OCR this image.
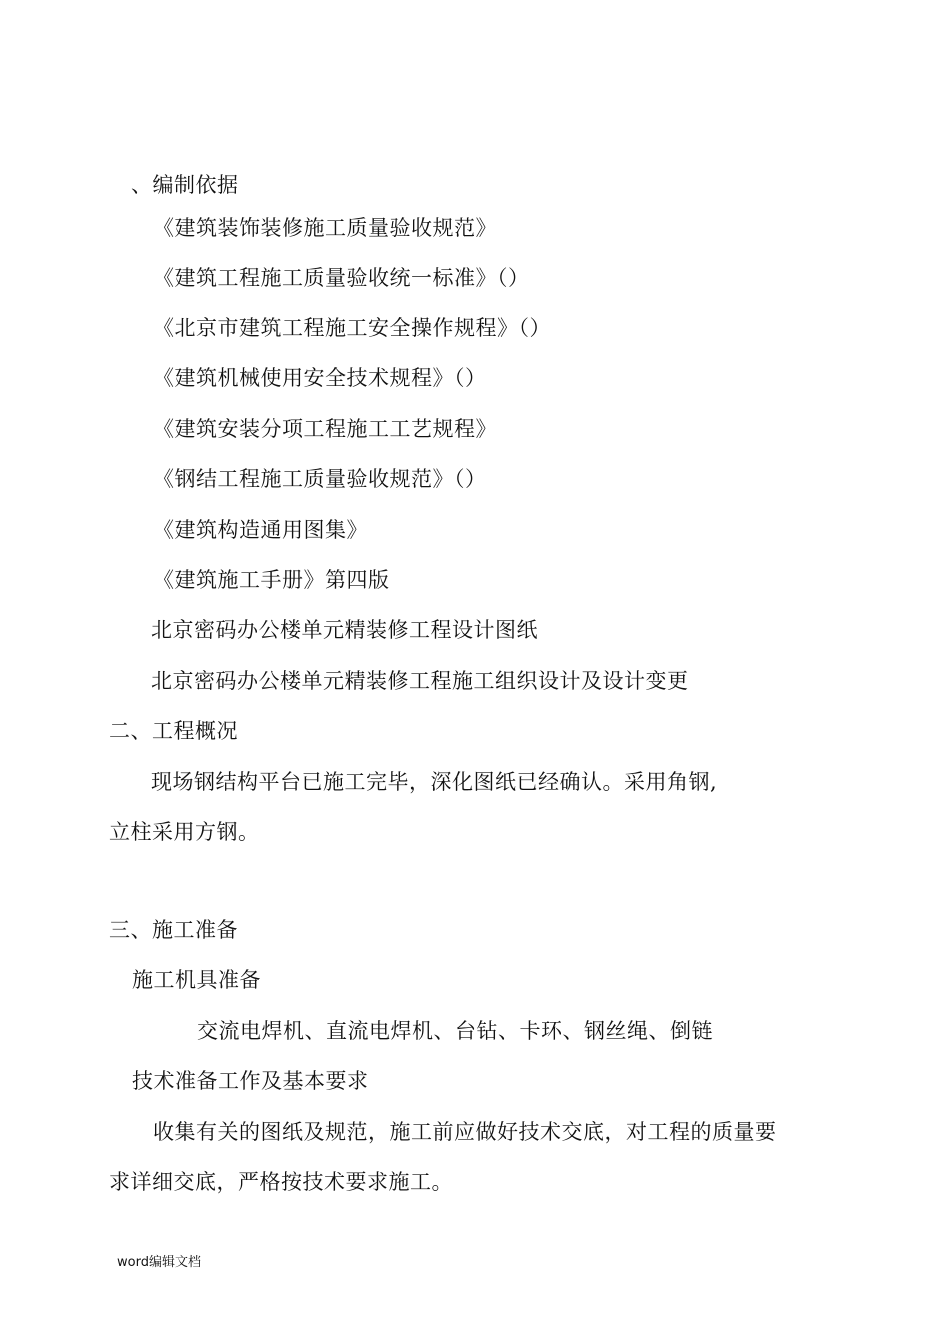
、编制依据
《建筑装饰装修施工质量验收规范》
《建筑工程施工质量验收统一标准》（）
《北京市建筑工程施工安全操作规程》（）
《建筑机械使用安全技术规程》（）
《建筑安装分项工程施工工艺规程》
《钢结工程施工质量验收规范》（）
《建筑构造通用图集》
《建筑施工手册》第四版
北京密码办公楼单元精装修工程设计图纸
北京密码办公楼单元精装修工程施工组织设计及设计变更
二、工程概况
现场钢结构平台已施工完毕，深化图纸已经确认。采用角钢,
立柱采用方钢。
三、施工准备
施工机具准备
交流电焊机、直流电焊机、台钻、卡环、钢丝绳、倒链
技术准备工作及基本要求
收集有关的图纸及规范，施工前应做好技术交底，对工程的质量要
求详细交底，严格按技术要求施工。
word编辑文档
